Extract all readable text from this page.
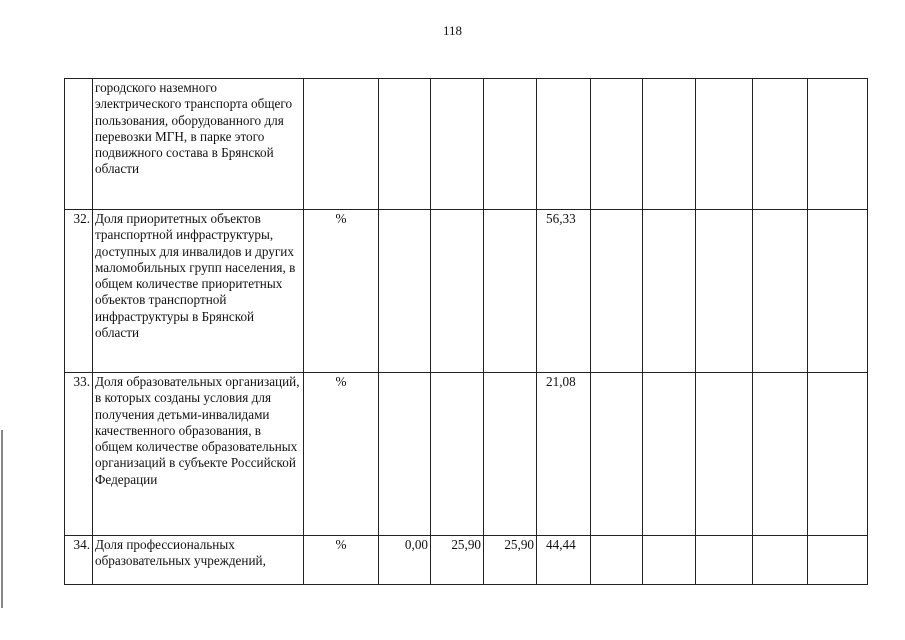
118
	городского наземного электрического транспорта общего пользования, оборудованного для перевозки МГН, в парке этого подвижного состава в Брянской области										
32.	Доля приоритетных объектов транспортной инфраструктуры, доступных для инвалидов и других маломобильных групп населения, в общем количестве приоритетных объектов транспортной инфраструктуры в Брянской области	%				56,33					
33.	Доля образовательных организаций, в которых созданы условия для получения детьми-инвалидами качественного образования, в общем количестве образовательных организаций в субъекте Российской Федерации	%				21,08					
34.	Доля профессиональных образовательных учреждений,	%	0,00	25,90	25,90	44,44					
